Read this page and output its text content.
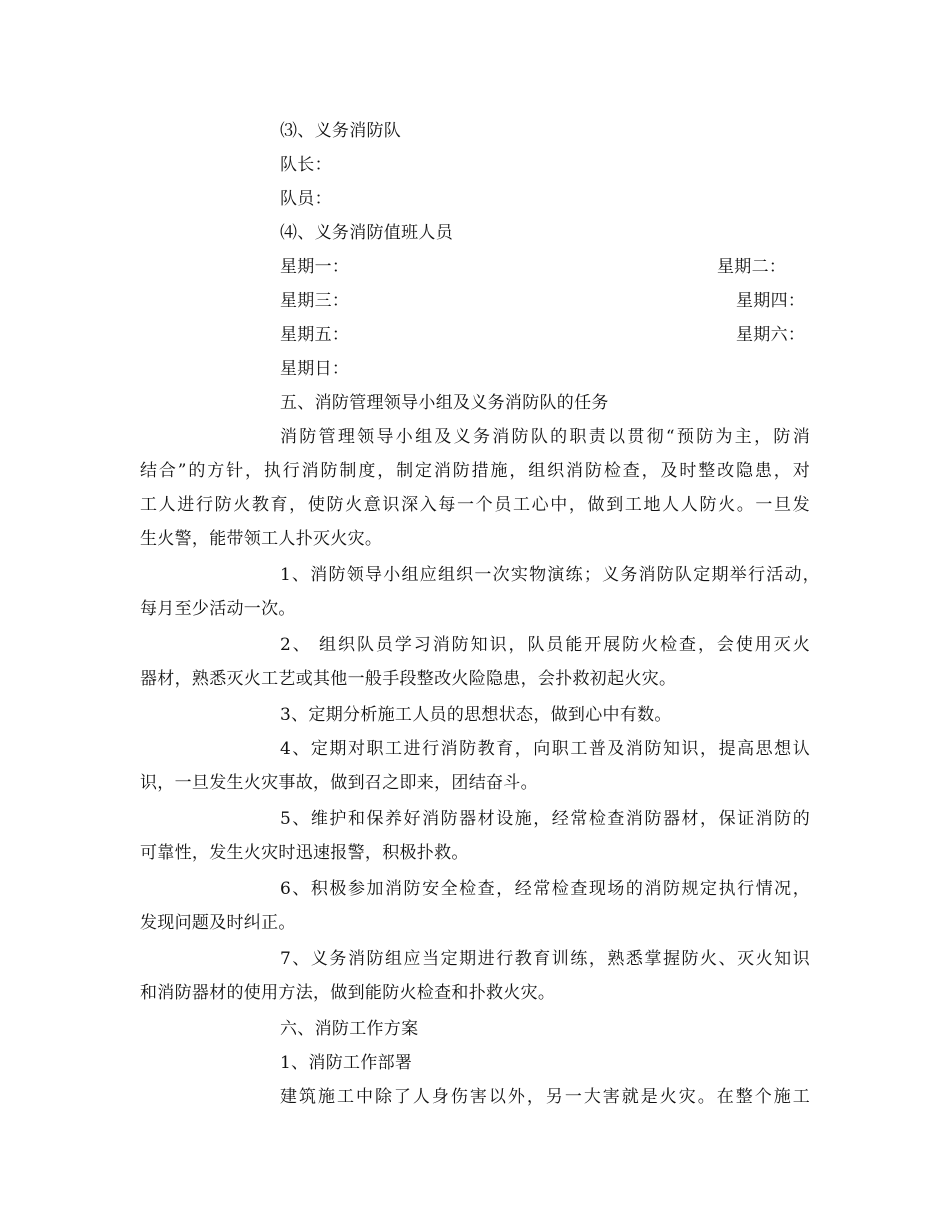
⑶、义务消防队
队长：
队员：
⑷、义务消防值班人员
星期一：	星期二：
星期三：	星期四：
星期五：	星期六：
星期日：
五、消防管理领导小组及义务消防队的任务
消防管理领导小组及义务消防队的职责以贯彻“预防为主，防消
结合”的方针，执行消防制度，制定消防措施，组织消防检查，及时整改隐患，对
工人进行防火教育，使防火意识深入每一个员工心中，做到工地人人防火。一旦发
生火警，能带领工人扑灭火灾。
1、消防领导小组应组织一次实物演练；义务消防队定期举行活动，
每月至少活动一次。
2、 组织队员学习消防知识，队员能开展防火检查，会使用灭火
器材，熟悉灭火工艺或其他一般手段整改火险隐患，会扑救初起火灾。
3、定期分析施工人员的思想状态，做到心中有数。
4、定期对职工进行消防教育，向职工普及消防知识，提高思想认
识，一旦发生火灾事故，做到召之即来，团结奋斗。
5、维护和保养好消防器材设施，经常检查消防器材，保证消防的
可靠性，发生火灾时迅速报警，积极扑救。
6、积极参加消防安全检查，经常检查现场的消防规定执行情况，
发现问题及时纠正。
7、义务消防组应当定期进行教育训练，熟悉掌握防火、灭火知识
和消防器材的使用方法，做到能防火检查和扑救火灾。
六、消防工作方案
1、消防工作部署
建筑施工中除了人身伤害以外，另一大害就是火灾。在整个施工
